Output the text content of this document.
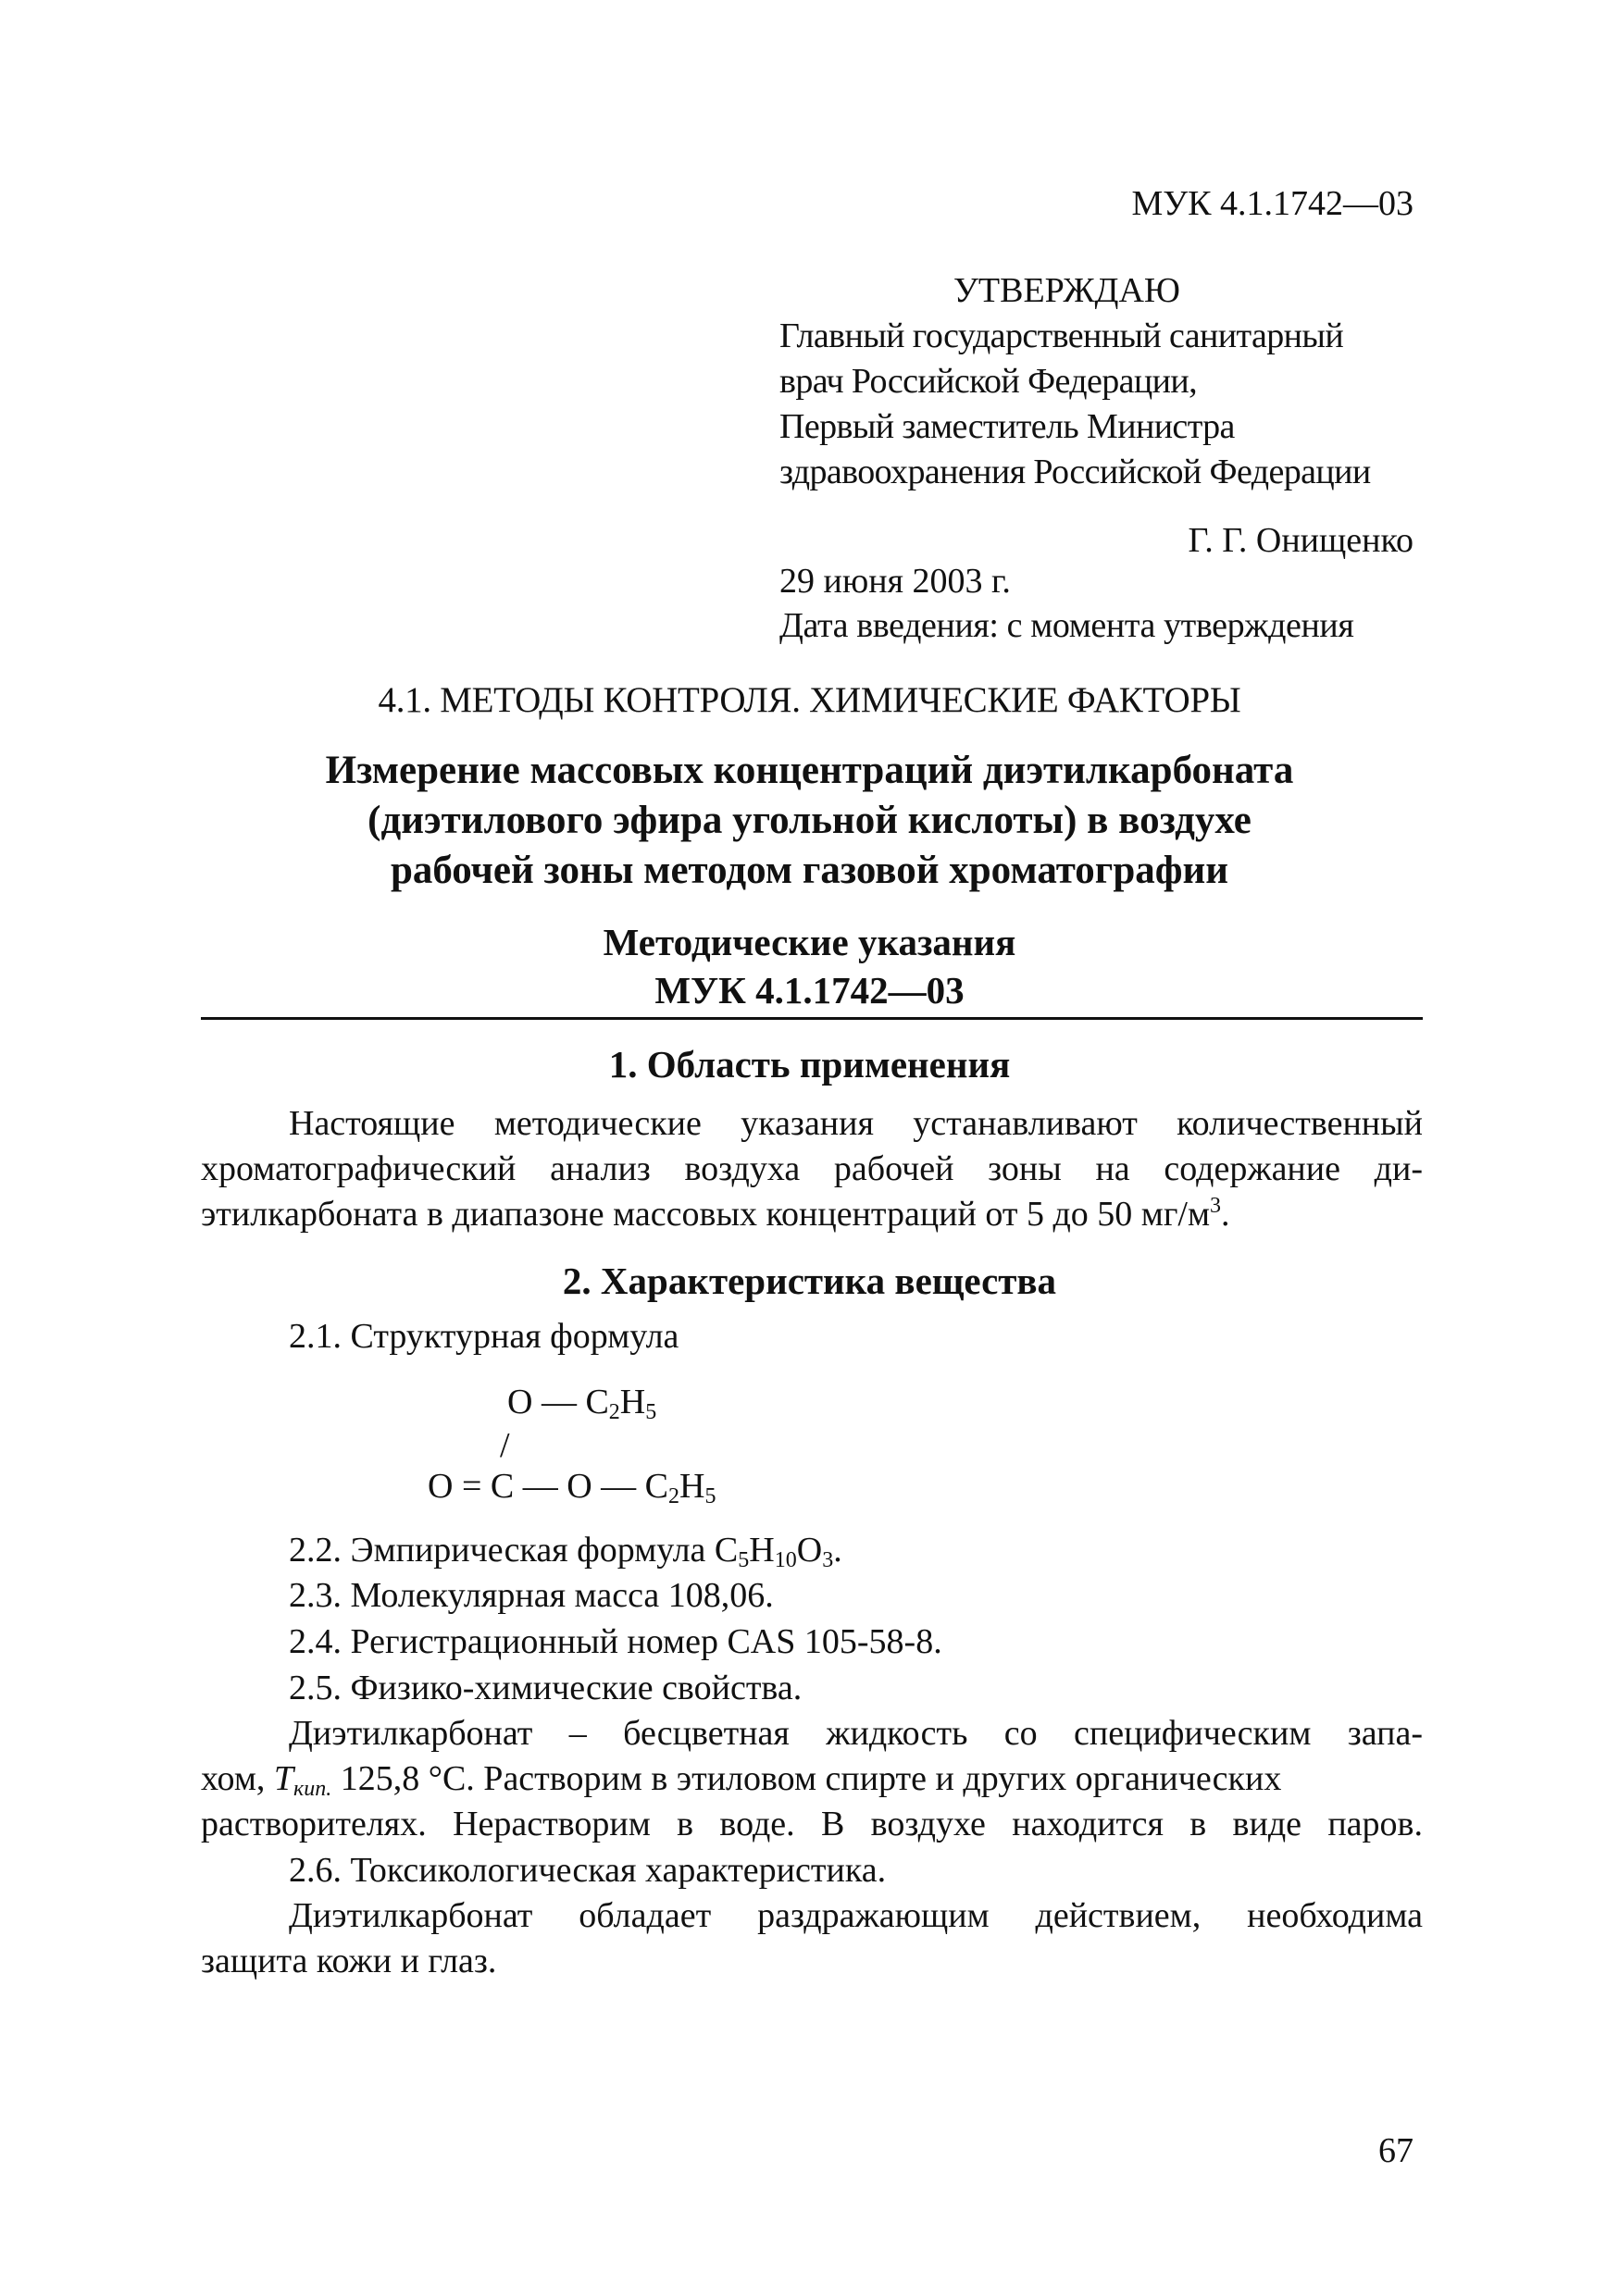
МУК 4.1.1742—03
УТВЕРЖДАЮ
Главный государственный санитарный
врач Российской Федерации,
Первый заместитель Министра
здравоохранения Российской Федерации
Г. Г. Онищенко
29 июня 2003 г.
Дата введения: с момента утверждения
4.1. МЕТОДЫ КОНТРОЛЯ. ХИМИЧЕСКИЕ ФАКТОРЫ
Измерение массовых концентраций диэтилкарбоната
(диэтилового эфира угольной кислоты) в воздухе
рабочей зоны методом газовой хроматографии
Методические указания
МУК 4.1.1742—03
1. Область применения
Настоящие методические указания устанавливают количественный
хроматографический анализ воздуха рабочей зоны на содержание ди-
этилкарбоната в диапазоне массовых концентраций от 5 до 50 $мг/м^3$.
2. Характеристика вещества
2.1. Структурная формула
O — $C_2H_5$
/
O = C — O — $C_2H_5$
2.2. Эмпирическая формула $C_5H_{10}O_3$.
2.3. Молекулярная масса 108,06.
2.4. Регистрационный номер CAS 105-58-8.
2.5. Физико-химические свойства.
Диэтилкарбонат – бесцветная жидкость со специфическим запа-
хом, $T_{кип.}$ 125,8 °С. Растворим в этиловом спирте и других органических
растворителях. Нерастворим в воде. В воздухе находится в виде паров.
2.6. Токсикологическая характеристика.
Диэтилкарбонат обладает раздражающим действием, необходима
защита кожи и глаз.
67
